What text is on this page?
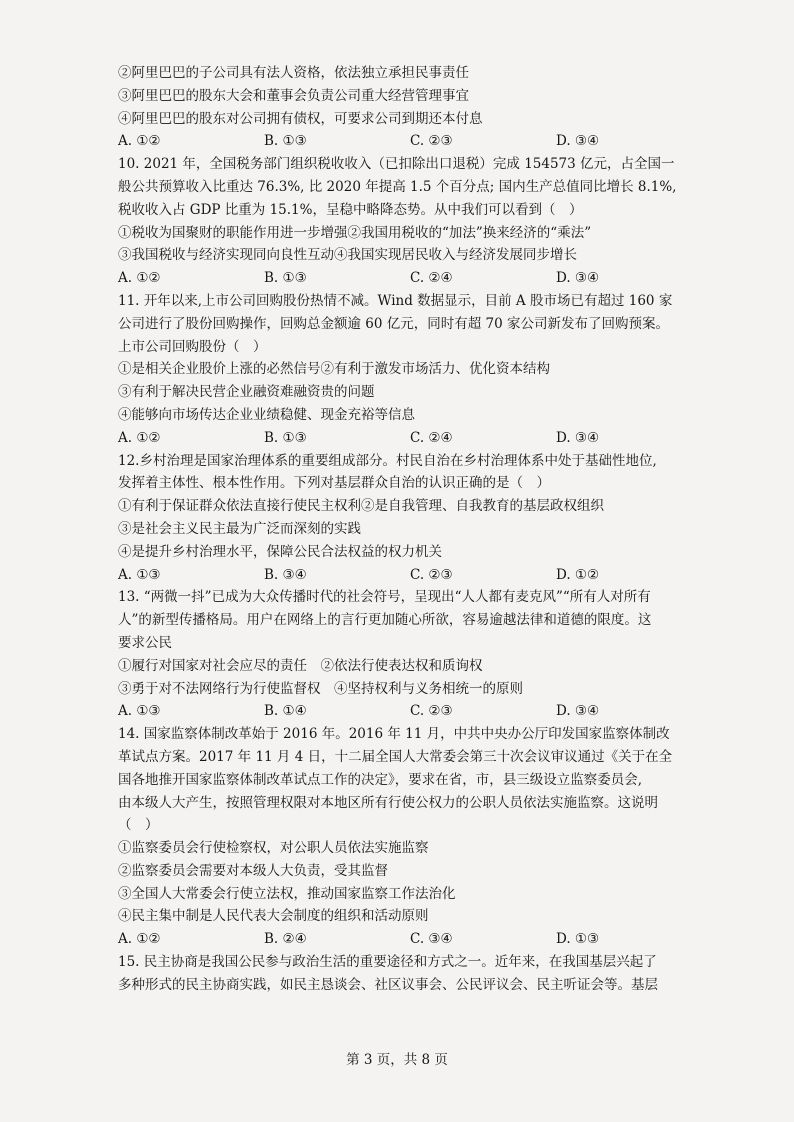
②阿里巴巴的子公司具有法人资格，依法独立承担民事责任
③阿里巴巴的股东大会和董事会负责公司重大经营管理事宜
④阿里巴巴的股东对公司拥有债权，可要求公司到期还本付息
A. ①②	B. ①③	C. ②③	D. ③④
10. 2021 年，全国税务部门组织税收收入（已扣除出口退税）完成 154573 亿元，占全国一
般公共预算收入比重达 76.3%, 比 2020 年提高 1.5 个百分点; 国内生产总值同比增长 8.1%,
税收收入占 GDP 比重为 15.1%，呈稳中略降态势。从中我们可以看到（　）
①税收为国聚财的职能作用进一步增强②我国用税收的“加法”换来经济的“乘法”
③我国税收与经济实现同向良性互动④我国实现居民收入与经济发展同步增长
A. ①②	B. ①③	C. ②④	D. ③④
11. 开年以来,上市公司回购股份热情不减。Wind 数据显示，目前 A 股市场已有超过 160 家
公司进行了股份回购操作，回购总金额逾 60 亿元，同时有超 70 家公司新发布了回购预案。
上市公司回购股份（　）
①是相关企业股价上涨的必然信号②有利于激发市场活力、优化资本结构
③有利于解决民营企业融资难融资贵的问题
④能够向市场传达企业业绩稳健、现金充裕等信息
A. ①②	B. ①③	C. ②④	D. ③④
12.乡村治理是国家治理体系的重要组成部分。村民自治在乡村治理体系中处于基础性地位,
发挥着主体性、根本性作用。下列对基层群众自治的认识正确的是（　）
①有利于保证群众依法直接行使民主权利②是自我管理、自我教育的基层政权组织
③是社会主义民主最为广泛而深刻的实践
④是提升乡村治理水平，保障公民合法权益的权力机关
A. ①③	B. ③④	C. ②③	D. ①②
13. “两微一抖”已成为大众传播时代的社会符号，呈现出“人人都有麦克风”“所有人对所有
人”的新型传播格局。用户在网络上的言行更加随心所欲，容易逾越法律和道德的限度。这
要求公民
①履行对国家对社会应尽的责任　②依法行使表达权和质询权
③勇于对不法网络行为行使监督权　④坚持权利与义务相统一的原则
A. ①③	B. ①④	C. ②③	D. ③④
14. 国家监察体制改革始于 2016 年。2016 年 11 月，中共中央办公厅印发国家监察体制改
革试点方案。2017 年 11 月 4 日，十二届全国人大常委会第三十次会议审议通过《关于在全
国各地推开国家监察体制改革试点工作的决定》，要求在省，市，县三级设立监察委员会,
由本级人大产生，按照管理权限对本地区所有行使公权力的公职人员依法实施监察。这说明
（　）
①监察委员会行使检察权，对公职人员依法实施监察
②监察委员会需要对本级人大负责，受其监督
③全国人大常委会行使立法权，推动国家监察工作法治化
④民主集中制是人民代表大会制度的组织和活动原则
A. ①②	B. ②④	C. ③④	D. ①③
15. 民主协商是我国公民参与政治生活的重要途径和方式之一。近年来，在我国基层兴起了
多种形式的民主协商实践，如民主恳谈会、社区议事会、公民评议会、民主听证会等。基层
第 3 页，共 8 页
